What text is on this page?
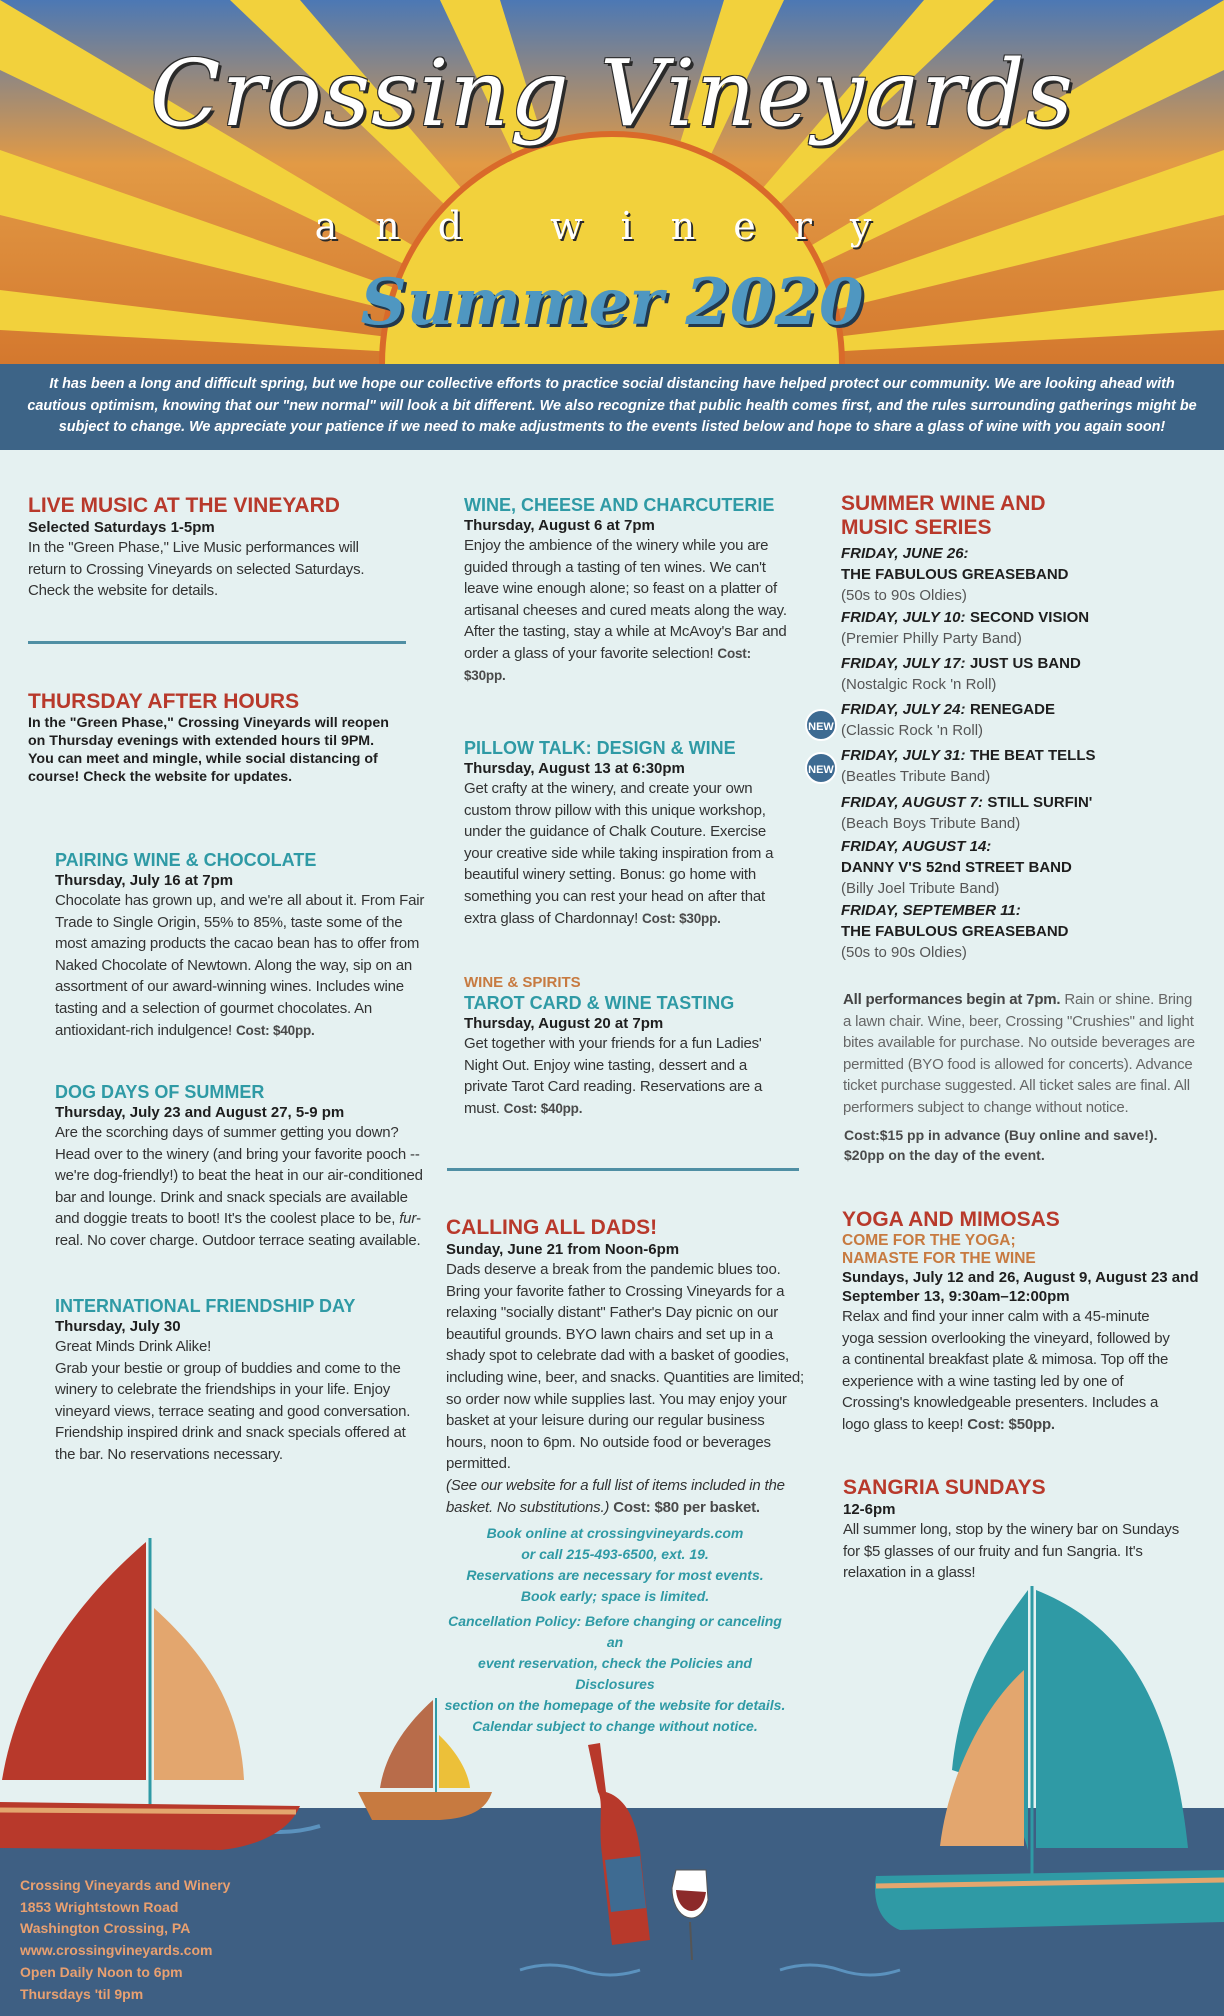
Crossing Vineyards
and winery
Summer 2020
It has been a long and difficult spring, but we hope our collective efforts to practice social distancing have helped protect our community. We are looking ahead with cautious optimism, knowing that our "new normal" will look a bit different. We also recognize that public health comes first, and the rules surrounding gatherings might be subject to change. We appreciate your patience if we need to make adjustments to the events listed below and hope to share a glass of wine with you again soon!

LIVE MUSIC AT THE VINEYARD

Selected Saturdays 1-5pm

In the "Green Phase," Live Music performances will return to Crossing Vineyards on selected Saturdays. Check the website for details.

THURSDAY AFTER HOURS

In the "Green Phase," Crossing Vineyards will reopen on Thursday evenings with extended hours til 9PM. You can meet and mingle, while social distancing of course! Check the website for updates.

PAIRING WINE & CHOCOLATE

Thursday, July 16 at 7pm

Chocolate has grown up, and we're all about it. From Fair Trade to Single Origin, 55% to 85%, taste some of the most amazing products the cacao bean has to offer from Naked Chocolate of Newtown. Along the way, sip on an assortment of our award-winning wines. Includes wine tasting and a selection of gourmet chocolates. An antioxidant-rich indulgence! Cost: $40pp.

DOG DAYS OF SUMMER

Thursday, July 23 and August 27, 5-9 pm

Are the scorching days of summer getting you down? Head over to the winery (and bring your favorite pooch -- we're dog-friendly!) to beat the heat in our air-conditioned bar and lounge. Drink and snack specials are available and doggie treats to boot! It's the coolest place to be, fur-real. No cover charge. Outdoor terrace seating available.

INTERNATIONAL FRIENDSHIP DAY

Thursday, July 30

Great Minds Drink Alike!

Grab your bestie or group of buddies and come to the winery to celebrate the friendships in your life. Enjoy vineyard views, terrace seating and good conversation. Friendship inspired drink and snack specials offered at the bar. No reservations necessary.

WINE, CHEESE AND CHARCUTERIE

Thursday, August 6 at 7pm

Enjoy the ambience of the winery while you are guided through a tasting of ten wines. We can't leave wine enough alone; so feast on a platter of artisanal cheeses and cured meats along the way. After the tasting, stay a while at McAvoy's Bar and order a glass of your favorite selection! Cost: $30pp.

PILLOW TALK: DESIGN & WINE

Thursday, August 13 at 6:30pm

Get crafty at the winery, and create your own custom throw pillow with this unique workshop, under the guidance of Chalk Couture. Exercise your creative side while taking inspiration from a beautiful winery setting. Bonus: go home with something you can rest your head on after that extra glass of Chardonnay! Cost: $30pp.

WINE & SPIRITS

TAROT CARD & WINE TASTING

Thursday, August 20 at 7pm

Get together with your friends for a fun Ladies' Night Out. Enjoy wine tasting, dessert and a private Tarot Card reading. Reservations are a must. Cost: $40pp.

CALLING ALL DADS!

Sunday, June 21 from Noon-6pm

Dads deserve a break from the pandemic blues too. Bring your favorite father to Crossing Vineyards for a relaxing "socially distant" Father's Day picnic on our beautiful grounds. BYO lawn chairs and set up in a shady spot to celebrate dad with a basket of goodies, including wine, beer, and snacks. Quantities are limited; so order now while supplies last. You may enjoy your basket at your leisure during our regular business hours, noon to 6pm. No outside food or beverages permitted.

(See our website for a full list of items included in the basket. No substitutions.) Cost: $80 per basket.

Book online at crossingvineyards.com
or call 215-493-6500, ext. 19.
Reservations are necessary for most events.
Book early; space is limited.
Cancellation Policy: Before changing or canceling an
event reservation, check the Policies and Disclosures
section on the homepage of the website for details.
Calendar subject to change without notice.

SUMMER WINE AND

MUSIC SERIES

FRIDAY, JUNE 26:
THE FABULOUS GREASEBAND
(50s to 90s Oldies)
FRIDAY, JULY 10: SECOND VISION
(Premier Philly Party Band)
FRIDAY, JULY 17: JUST US BAND
(Nostalgic Rock 'n Roll)
NEW
FRIDAY, JULY 24: RENEGADE
(Classic Rock 'n Roll)
NEW
FRIDAY, JULY 31: THE BEAT TELLS
(Beatles Tribute Band)
FRIDAY, AUGUST 7: STILL SURFIN'
(Beach Boys Tribute Band)
FRIDAY, AUGUST 14:
DANNY V'S 52nd STREET BAND
(Billy Joel Tribute Band)
FRIDAY, SEPTEMBER 11:
THE FABULOUS GREASEBAND
(50s to 90s Oldies)

All performances begin at 7pm. Rain or shine. Bring a lawn chair. Wine, beer, Crossing "Crushies" and light bites available for purchase. No outside beverages are permitted (BYO food is allowed for concerts). Advance ticket purchase suggested. All ticket sales are final. All performers subject to change without notice.

Cost:$15 pp in advance (Buy online and save!).
$20pp on the day of the event.

YOGA AND MIMOSAS

COME FOR THE YOGA;

NAMASTE FOR THE WINE

Sundays, July 12 and 26, August 9, August 23 and September 13, 9:30am–12:00pm

Relax and find your inner calm with a 45-minute yoga session overlooking the vineyard, followed by a continental breakfast plate & mimosa. Top off the experience with a wine tasting led by one of Crossing's knowledgeable presenters. Includes a logo glass to keep! Cost: $50pp.

SANGRIA SUNDAYS

12-6pm

All summer long, stop by the winery bar on Sundays for $5 glasses of our fruity and fun Sangria. It's relaxation in a glass!

Crossing Vineyards and Winery
1853 Wrightstown Road
Washington Crossing, PA
www.crossingvineyards.com
Open Daily Noon to 6pm
Thursdays 'til 9pm
